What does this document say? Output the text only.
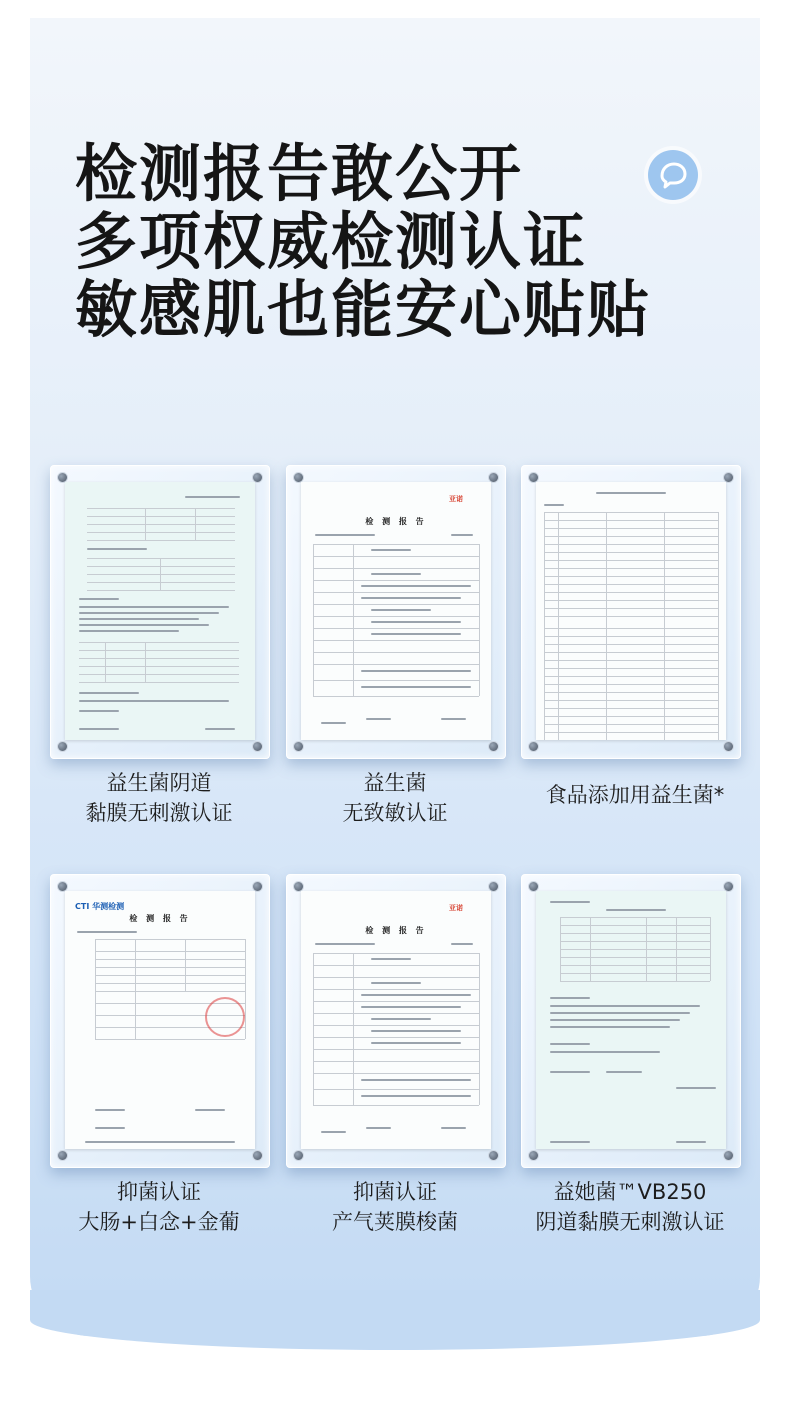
检测报告敢公开
多项权威检测认证
敏感肌也能安心贴贴
益生菌阴道
黏膜无刺激认证
亚诺
检 测 报 告
益生菌
无致敏认证
食品添加用益生菌*
CTI 华测检测
检 测 报 告
抑菌认证
大肠+白念+金葡
亚诺
检 测 报 告
抑菌认证
产气荚膜梭菌
益她菌™VB250
阴道黏膜无刺激认证
